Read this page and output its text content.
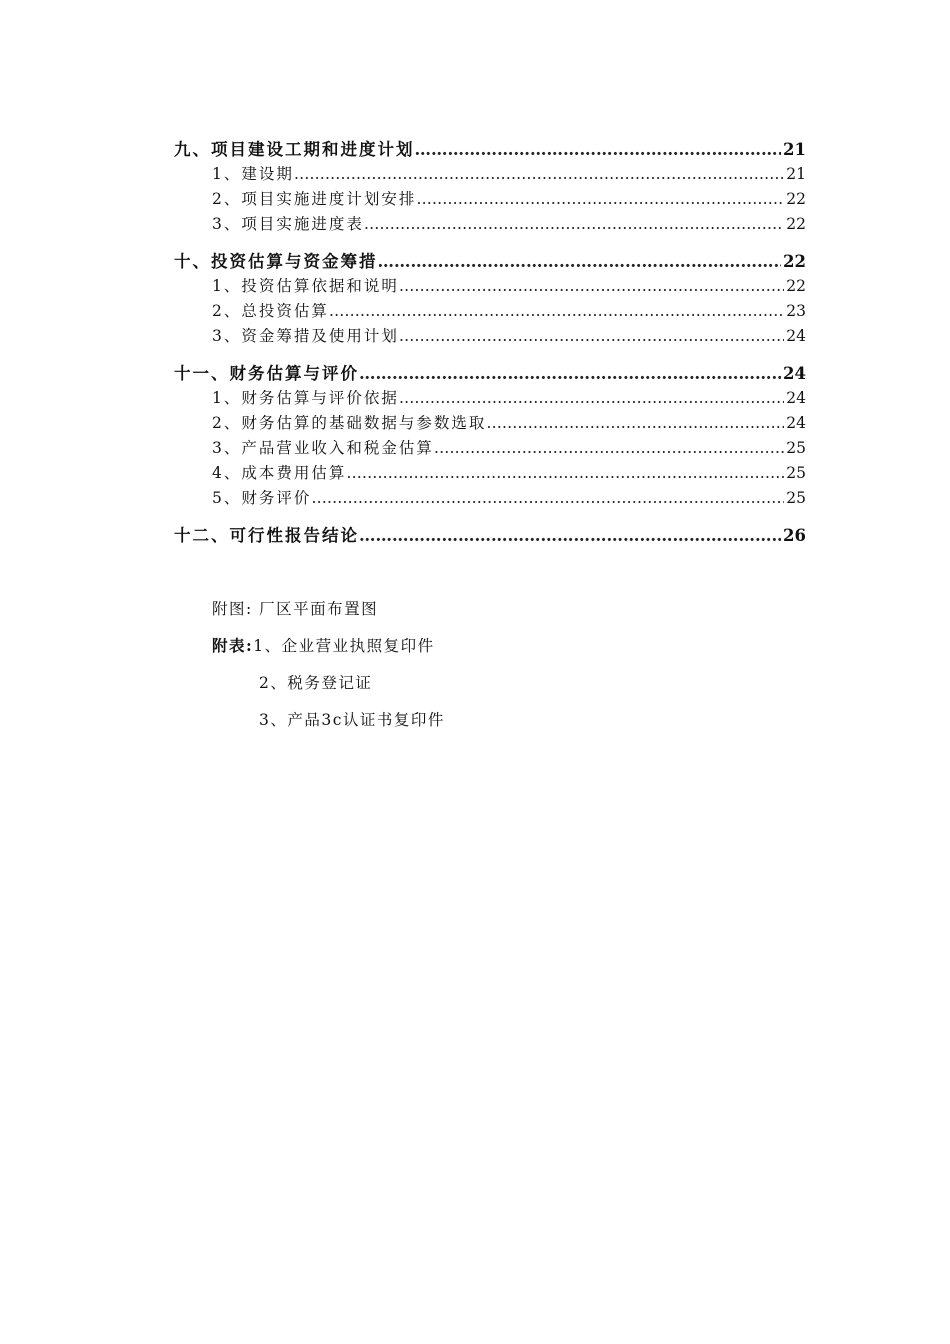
九、项目建设工期和进度计划 ……………………………………………………………………………………………………………………………………………………………………………………	21
1、建设期 ……………………………………………………………………………………………………………………………………………………………………………………	21
2、项目实施进度计划安排 ……………………………………………………………………………………………………………………………………………………………………………………	22
3、项目实施进度表 ……………………………………………………………………………………………………………………………………………………………………………………	22
十、投资估算与资金筹措 ……………………………………………………………………………………………………………………………………………………………………………………	22
1、投资估算依据和说明 ……………………………………………………………………………………………………………………………………………………………………………………	22
2、总投资估算 ……………………………………………………………………………………………………………………………………………………………………………………	23
3、资金筹措及使用计划 ……………………………………………………………………………………………………………………………………………………………………………………	24
十一、财务估算与评价 ……………………………………………………………………………………………………………………………………………………………………………………	24
1、财务估算与评价依据 ……………………………………………………………………………………………………………………………………………………………………………………	24
2、财务估算的基础数据与参数选取 ……………………………………………………………………………………………………………………………………………………………………………………	24
3、产品营业收入和税金估算 ……………………………………………………………………………………………………………………………………………………………………………………	25
4、成本费用估算 ……………………………………………………………………………………………………………………………………………………………………………………	25
5、财务评价 ……………………………………………………………………………………………………………………………………………………………………………………	25
十二、可行性报告结论 ……………………………………………………………………………………………………………………………………………………………………………………	26
附图: 厂区平面布置图
附表:1、企业营业执照复印件
2、税务登记证
3、产品3c认证书复印件
